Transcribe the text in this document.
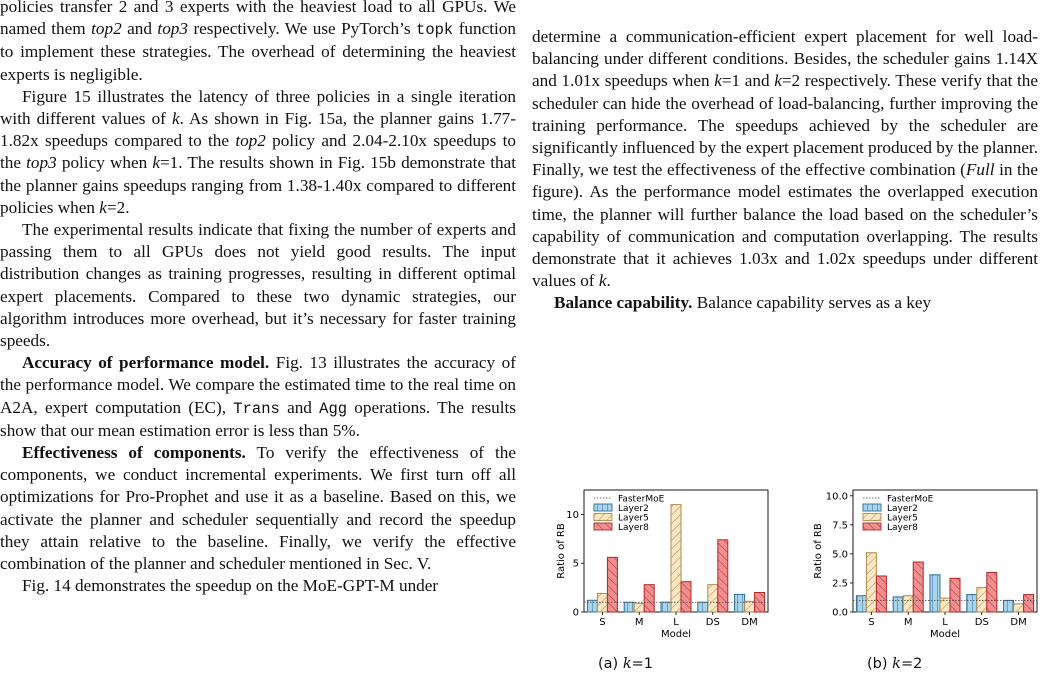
policies transfer 2 and 3 experts with the heaviest load to all GPUs. We named them top2 and top3 respectively. We use PyTorch’s topk function to implement these strategies. The overhead of determining the heaviest experts is negligible.

Figure 15 illustrates the latency of three policies in a single iteration with different values of k. As shown in Fig. 15a, the planner gains 1.77-1.82x speedups compared to the top2 policy and 2.04-2.10x speedups to the top3 policy when k=1. The results shown in Fig. 15b demonstrate that the planner gains speedups ranging from 1.38-1.40x compared to different policies when k=2.

The experimental results indicate that fixing the number of experts and passing them to all GPUs does not yield good results. The input distribution changes as training progresses, resulting in different optimal expert placements. Compared to these two dynamic strategies, our algorithm introduces more overhead, but it’s necessary for faster training speeds.

Accuracy of performance model. Fig. 13 illustrates the accuracy of the performance model. We compare the estimated time to the real time on A2A, expert computation (EC), Trans and Agg operations. The results show that our mean estimation error is less than 5%.

Effectiveness of components. To verify the effectiveness of the components, we conduct incremental experiments. We first turn off all optimizations for Pro-Prophet and use it as a baseline. Based on this, we activate the planner and scheduler sequentially and record the speedup they attain relative to the baseline. Finally, we verify the effective combination of the planner and scheduler mentioned in Sec. V.

Fig. 14 demonstrates the speedup on the MoE-GPT-M under

determine a communication-efficient expert placement for well load-balancing under different conditions. Besides, the scheduler gains 1.14X and 1.01x speedups when k=1 and k=2 respectively. These verify that the scheduler can hide the overhead of load-balancing, further improving the training performance. The speedups achieved by the scheduler are significantly influenced by the expert placement produced by the planner. Finally, we test the effectiveness of the effective combination (Full in the figure). As the performance model estimates the overlapped execution time, the planner will further balance the load based on the scheduler’s capability of communication and computation overlapping. The results demonstrate that it achieves 1.03x and 1.02x speedups under different values of k.

Balance capability. Balance capability serves as a key

0
5
10
Ratio of RB
S	M	L	DS DM
Model
FasterMoE
Layer2
Layer5
Layer8
0.0
2.5
5.0
7.5
10.0
Ratio of RB
S	M	L	DS DM
Model
FasterMoE
Layer2
Layer5
Layer8
(a) k=1	(b) k=2
